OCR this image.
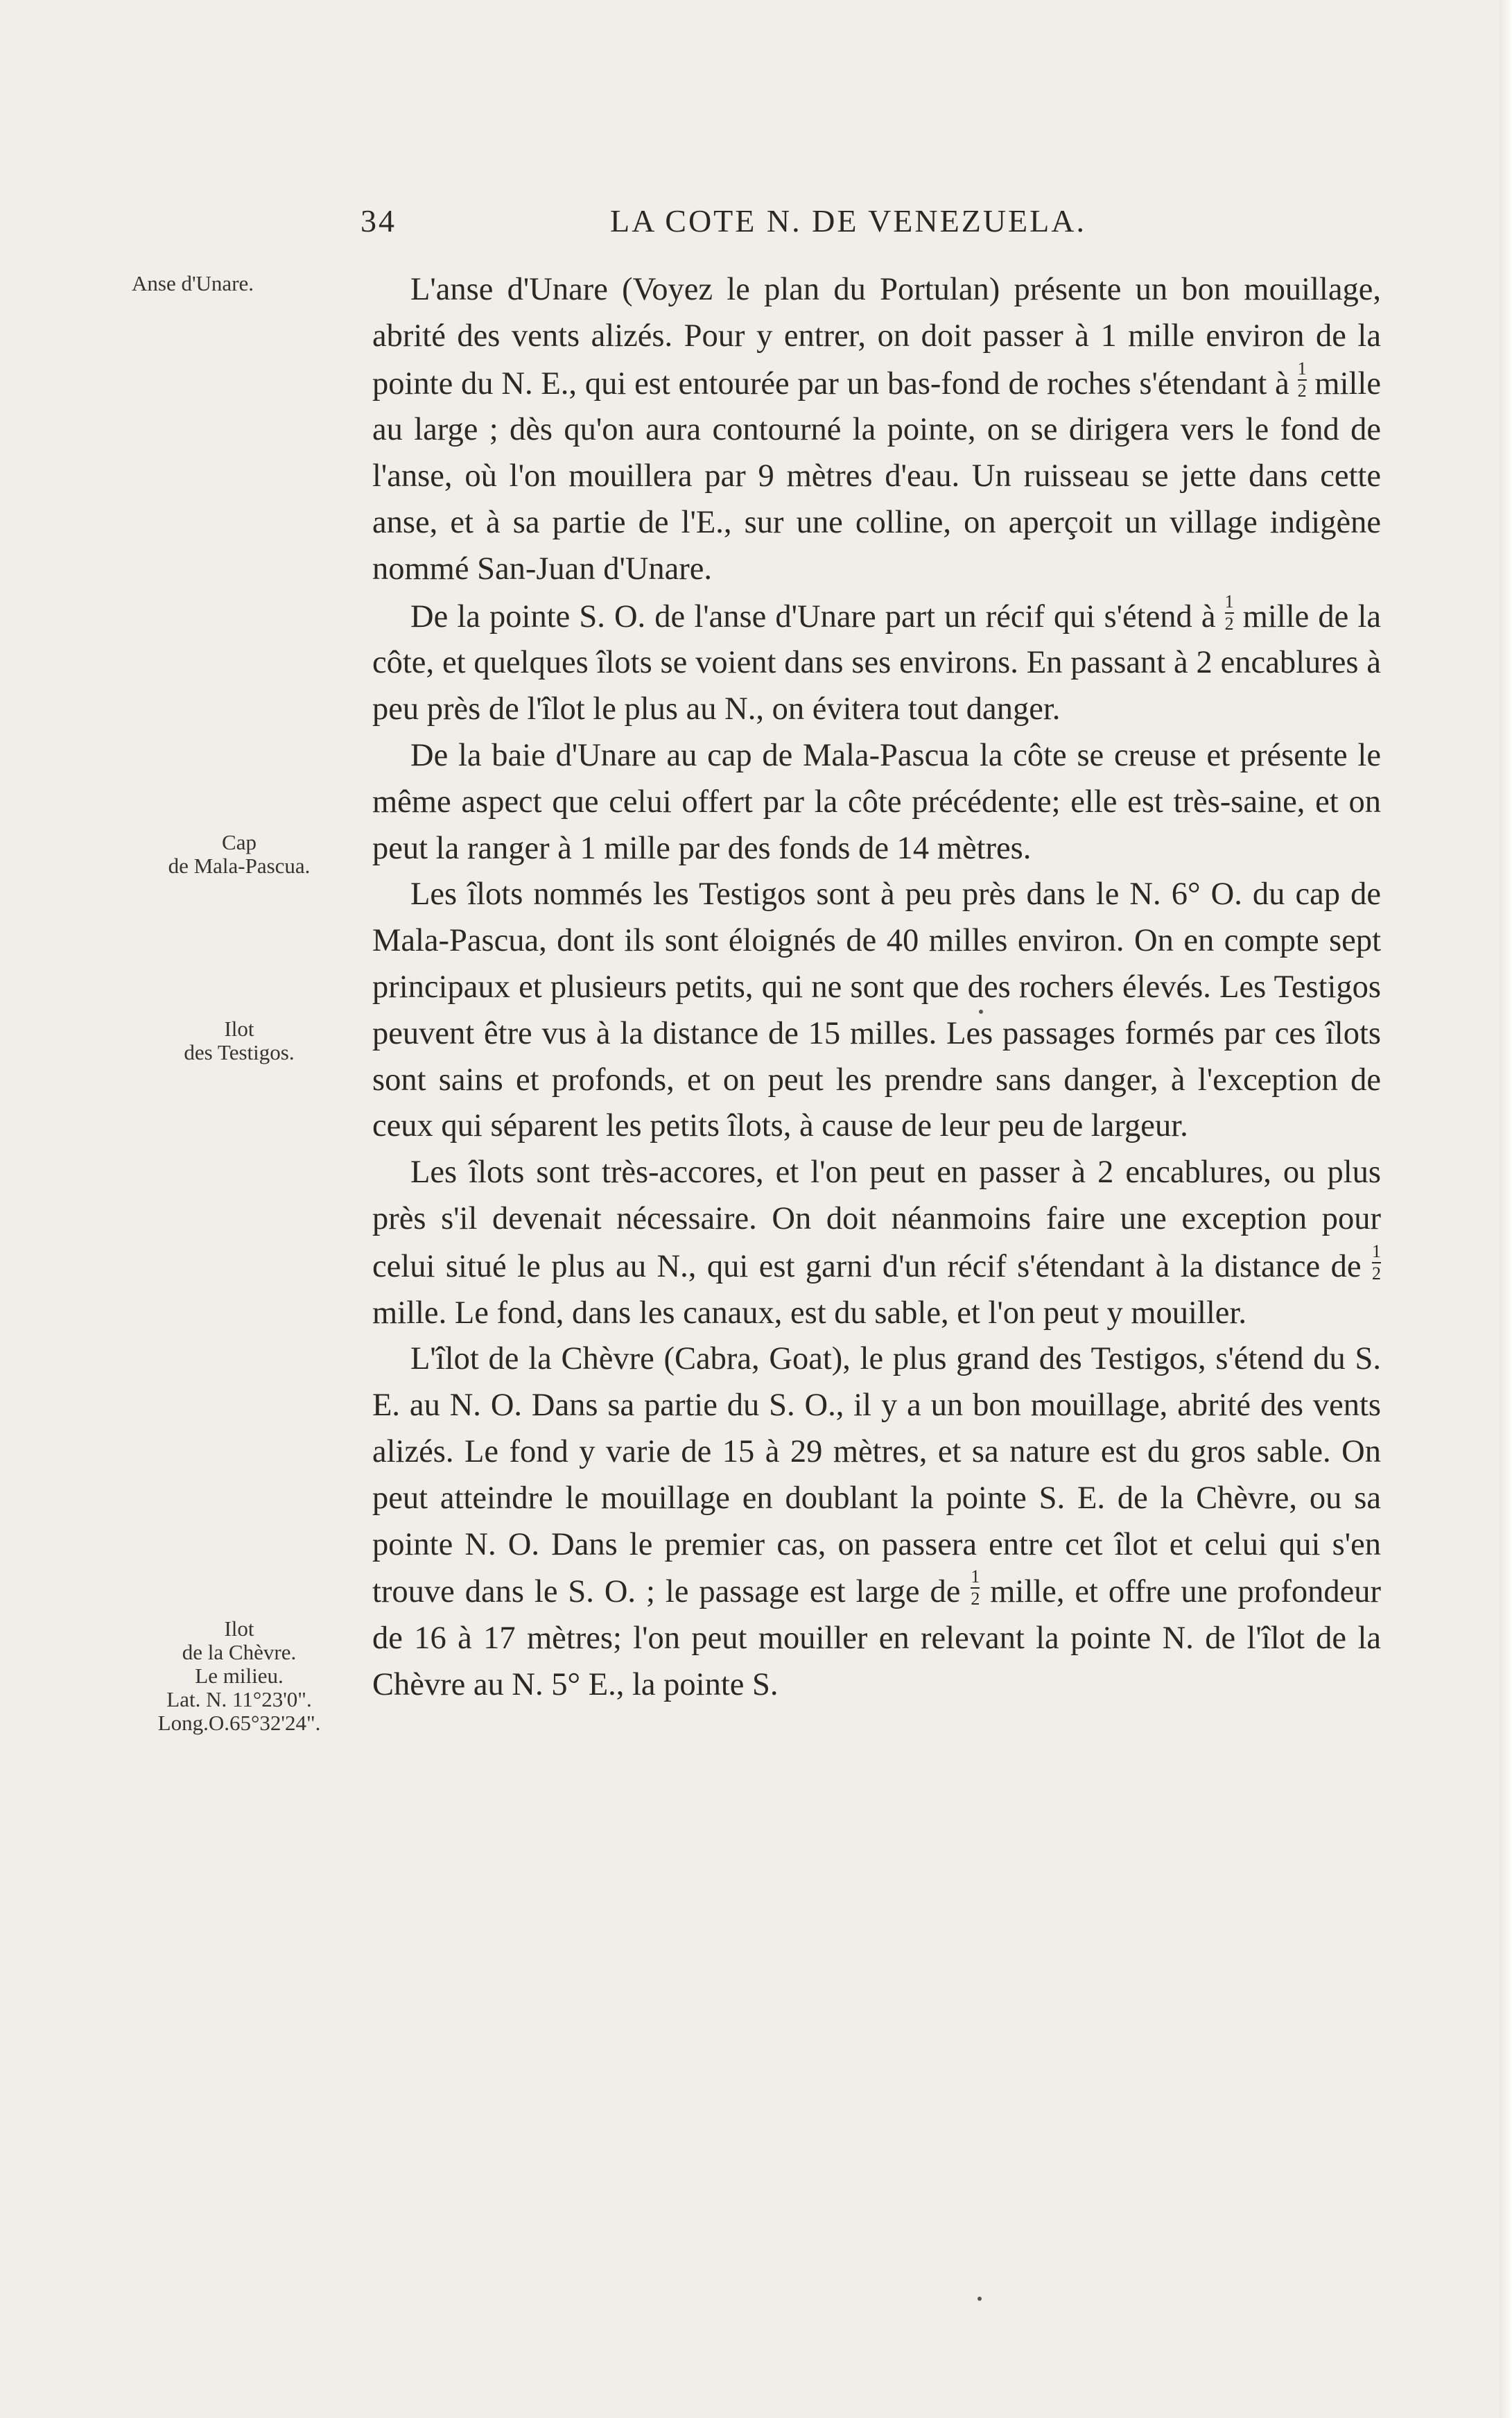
34	LA COTE N. DE VENEZUELA.
Anse d'Unare.
Cap
de Mala-Pascua.
Ilot
des Testigos.
Ilot
de la Chèvre.
Le milieu.
Lat. N. 11°23'0".
Long.O.65°32'24".

L'anse d'Unare (Voyez le plan du Portulan) présente un bon mouillage, abrité des vents alizés. Pour y entrer, on doit passer à 1 mille environ de la pointe du N. E., qui est entourée par un bas-fond de roches s'étendant à $\frac{1}{2}$ mille au large ; dès qu'on aura contourné la pointe, on se dirigera vers le fond de l'anse, où l'on mouillera par 9 mètres d'eau. Un ruisseau se jette dans cette anse, et à sa partie de l'E., sur une colline, on aperçoit un village indigène nommé San-Juan d'Unare.

De la pointe S. O. de l'anse d'Unare part un récif qui s'étend à $\frac{1}{2}$ mille de la côte, et quelques îlots se voient dans ses environs. En passant à 2 encablures à peu près de l'îlot le plus au N., on évitera tout danger.

De la baie d'Unare au cap de Mala-Pascua la côte se creuse et présente le même aspect que celui offert par la côte précédente; elle est très-saine, et on peut la ranger à 1 mille par des fonds de 14 mètres.

Les îlots nommés les Testigos sont à peu près dans le N. 6° O. du cap de Mala-Pascua, dont ils sont éloignés de 40 milles environ. On en compte sept principaux et plusieurs petits, qui ne sont que des rochers élevés. Les Testigos peuvent être vus à la distance de 15 milles. Les passages formés par ces îlots sont sains et profonds, et on peut les prendre sans danger, à l'exception de ceux qui séparent les petits îlots, à cause de leur peu de largeur.

Les îlots sont très-accores, et l'on peut en passer à 2 encablures, ou plus près s'il devenait nécessaire. On doit néanmoins faire une exception pour celui situé le plus au N., qui est garni d'un récif s'étendant à la distance de $\frac{1}{2}$
mille. Le fond, dans les canaux, est du sable, et l'on peut y mouiller.

L'îlot de la Chèvre (Cabra, Goat), le plus grand des Testigos, s'étend du S. E. au N. O. Dans sa partie du S. O., il y a un bon mouillage, abrité des vents alizés. Le fond y varie de 15 à 29 mètres, et sa nature est du gros sable. On peut atteindre le mouillage en doublant la pointe S. E. de la Chèvre, ou sa pointe N. O. Dans le premier cas, on passera entre cet îlot et celui qui s'en trouve dans le S. O. ; le passage est large de $\frac{1}{2}$ mille, et offre une profondeur de 16 à 17 mètres; l'on peut mouiller en relevant la pointe N. de l'îlot de la Chèvre au N. 5° E., la pointe S.
